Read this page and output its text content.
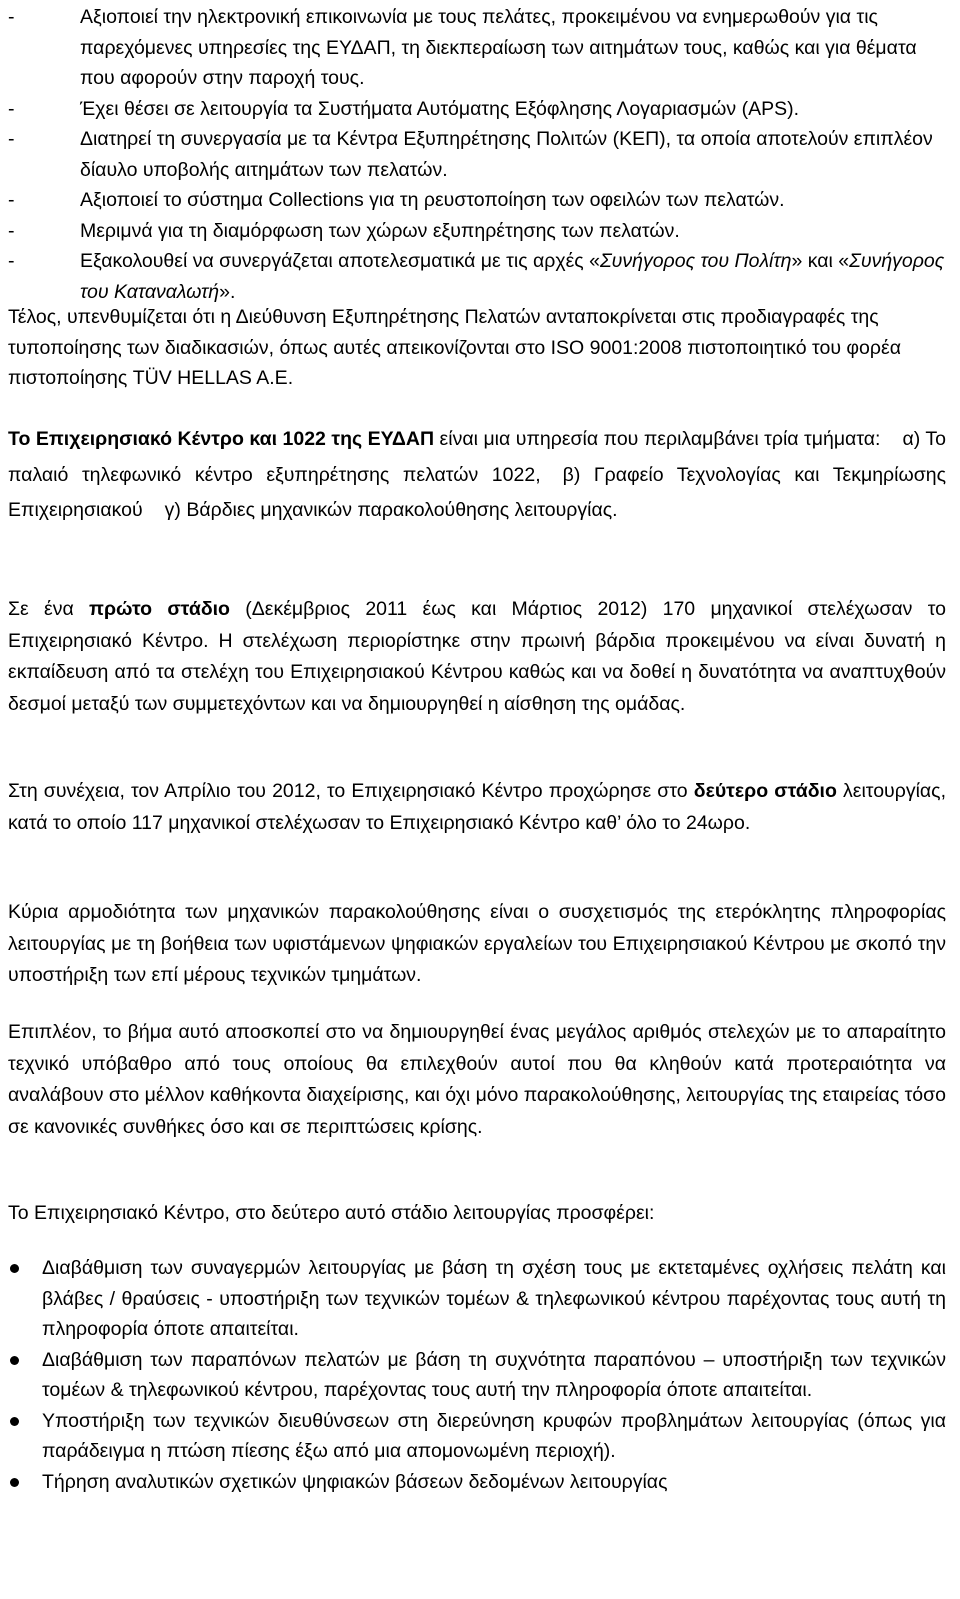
-	Αξιοποιεί την ηλεκτρονική επικοινωνία με τους πελάτες, προκειμένου να ενημερωθούν για τις παρεχόμενες υπηρεσίες της ΕΥΔΑΠ, τη διεκπεραίωση των αιτημάτων τους, καθώς και για θέματα που αφορούν στην παροχή τους.
-	Έχει θέσει σε λειτουργία τα Συστήματα Αυτόματης Εξόφλησης Λογαριασμών (APS).
-	Διατηρεί τη συνεργασία με τα Κέντρα Εξυπηρέτησης Πολιτών (ΚΕΠ), τα οποία αποτελούν επιπλέον δίαυλο υποβολής αιτημάτων των πελατών.
-	Αξιοποιεί το σύστημα Collections για τη ρευστοποίηση των οφειλών των πελατών.
-	Μεριμνά για τη διαμόρφωση των χώρων εξυπηρέτησης των πελατών.
-	Εξακολουθεί να συνεργάζεται αποτελεσματικά με τις αρχές «Συνήγορος του Πολίτη» και «Συνήγορος του Καταναλωτή».
Τέλος, υπενθυμίζεται ότι η Διεύθυνση Εξυπηρέτησης Πελατών ανταποκρίνεται στις προδιαγραφές της τυποποίησης των διαδικασιών, όπως αυτές απεικονίζονται στο ISO 9001:2008 πιστοποιητικό του φορέα πιστοποίησης TÜV HELLAS A.E.
Το Επιχειρησιακό Κέντρο και 1022 της ΕΥΔΑΠ είναι μια υπηρεσία που περιλαμβάνει τρία τμήματα: α) Το παλαιό τηλεφωνικό κέντρο εξυπηρέτησης πελατών 1022, β) Γραφείο Τεχνολογίας και Τεκμηρίωσης Επιχειρησιακού γ) Βάρδιες μηχανικών παρακολούθησης λειτουργίας.
Σε ένα πρώτο στάδιο (Δεκέμβριος 2011 έως και Μάρτιος 2012) 170 μηχανικοί στελέχωσαν το Επιχειρησιακό Κέντρο. Η στελέχωση περιορίστηκε στην πρωινή βάρδια προκειμένου να είναι δυνατή η εκπαίδευση από τα στελέχη του Επιχειρησιακού Κέντρου καθώς και να δοθεί η δυνατότητα να αναπτυχθούν δεσμοί μεταξύ των συμμετεχόντων και να δημιουργηθεί η αίσθηση της ομάδας.
Στη συνέχεια, τον Απρίλιο του 2012, το Επιχειρησιακό Κέντρο προχώρησε στο δεύτερο στάδιο λειτουργίας, κατά το οποίο 117 μηχανικοί στελέχωσαν το Επιχειρησιακό Κέντρο καθ’ όλο το 24ωρο.
Κύρια αρμοδιότητα των μηχανικών παρακολούθησης είναι ο συσχετισμός της ετερόκλητης πληροφορίας λειτουργίας με τη βοήθεια των υφιστάμενων ψηφιακών εργαλείων του Επιχειρησιακού Κέντρου με σκοπό την υποστήριξη των επί μέρους τεχνικών τμημάτων.
Επιπλέον, το βήμα αυτό αποσκοπεί στο να δημιουργηθεί ένας μεγάλος αριθμός στελεχών με το απαραίτητο τεχνικό υπόβαθρο από τους οποίους θα επιλεχθούν αυτοί που θα κληθούν κατά προτεραιότητα να αναλάβουν στο μέλλον καθήκοντα διαχείρισης, και όχι μόνο παρακολούθησης, λειτουργίας της εταιρείας τόσο σε κανονικές συνθήκες όσο και σε περιπτώσεις κρίσης.
Το Επιχειρησιακό Κέντρο, στο δεύτερο αυτό στάδιο λειτουργίας προσφέρει:
Διαβάθμιση των συναγερμών λειτουργίας με βάση τη σχέση τους με εκτεταμένες οχλήσεις πελάτη και βλάβες / θραύσεις - υποστήριξη των τεχνικών τομέων & τηλεφωνικού κέντρου παρέχοντας τους αυτή τη πληροφορία όποτε απαιτείται.
Διαβάθμιση των παραπόνων πελατών με βάση τη συχνότητα παραπόνου – υποστήριξη των τεχνικών τομέων & τηλεφωνικού κέντρου, παρέχοντας τους αυτή την πληροφορία όποτε απαιτείται.
Υποστήριξη των τεχνικών διευθύνσεων στη διερεύνηση κρυφών προβλημάτων λειτουργίας (όπως για παράδειγμα η πτώση πίεσης έξω από μια απομονωμένη περιοχή).
Τήρηση αναλυτικών σχετικών ψηφιακών βάσεων δεδομένων λειτουργίας
